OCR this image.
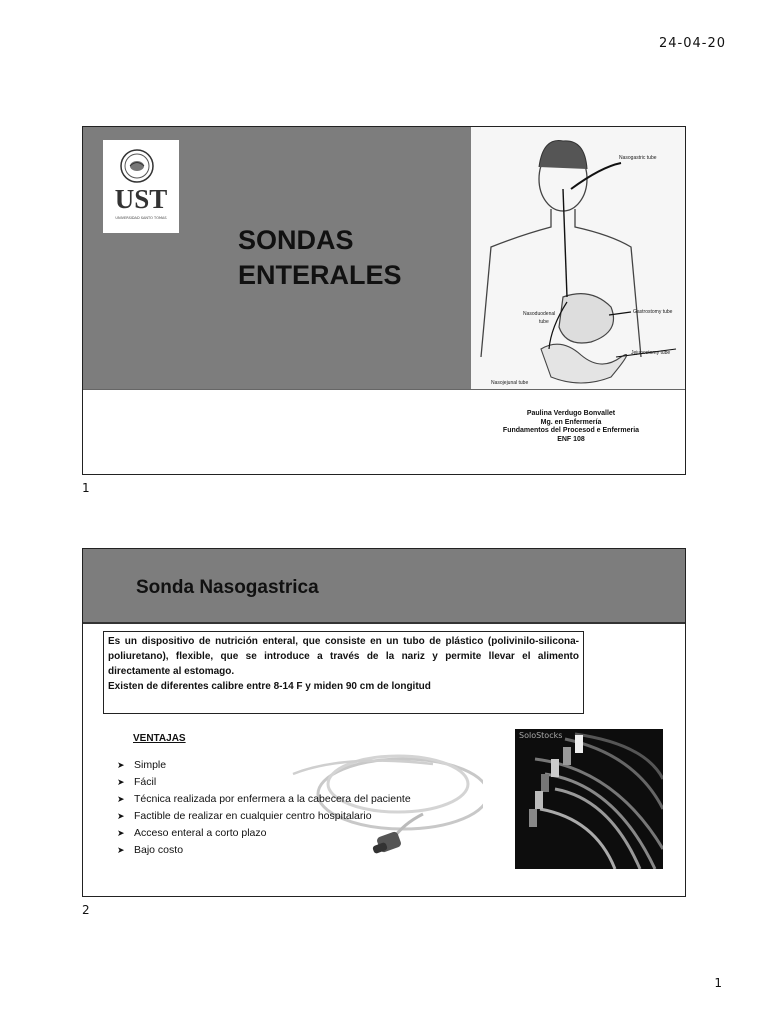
24-04-20
UST
UNIVERSIDAD SANTO TOMAS
SONDAS
ENTERALES
Nasogastric tube
Gastrostomy tube
Nasoduodenal
tube
Jejunostomy tube
Nasojejunal tube
Paulina Verdugo Bonvallet
Mg. en Enfermería
Fundamentos del Procesod e Enfermeria
ENF 108
1
Sonda Nasogastrica

Es un dispositivo de nutrición enteral, que consiste en un tubo de plástico (polivinilo-silicona-poliuretano), flexible, que se introduce a través de la nariz y permite llevar el alimento directamente al estomago.

Existen de diferentes calibre entre 8-14 F y miden 90 cm de longitud

SoloStocks
VENTAJAS
➤ Simple
➤ Fácil
➤ Técnica realizada por enfermera a la cabecera del paciente
➤ Factible de realizar en cualquier centro hospitalario
➤ Acceso enteral a corto plazo
➤ Bajo costo
2
1
